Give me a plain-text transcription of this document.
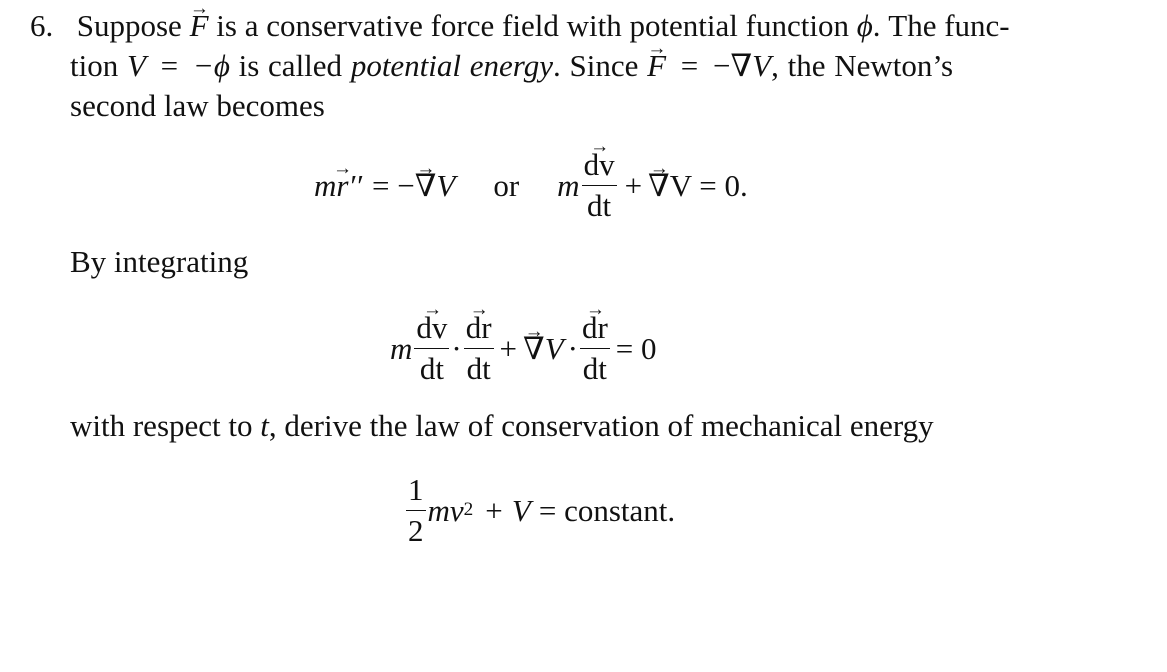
6. Suppose → F is a conservative force field with potential function ϕ. The func-
tion V = −ϕ is called potential energy. Since → F = −∇V, the Newton’s
second law becomes
m
→ r ′′ = −
→ ∇ V or m
→ $\frac{dv}{dt}$ +
→ ∇ V = 0.
By integrating
m
→ $\frac{dv}{dt}$ ·
→ $\frac{dr}{dt}$ +
→ ∇ V ·
→ $\frac{dr}{dt} = 0$
with respect to t, derive the law of conservation of mechanical energy
$\frac{1}{2}$ mv 2 + V = constant.
